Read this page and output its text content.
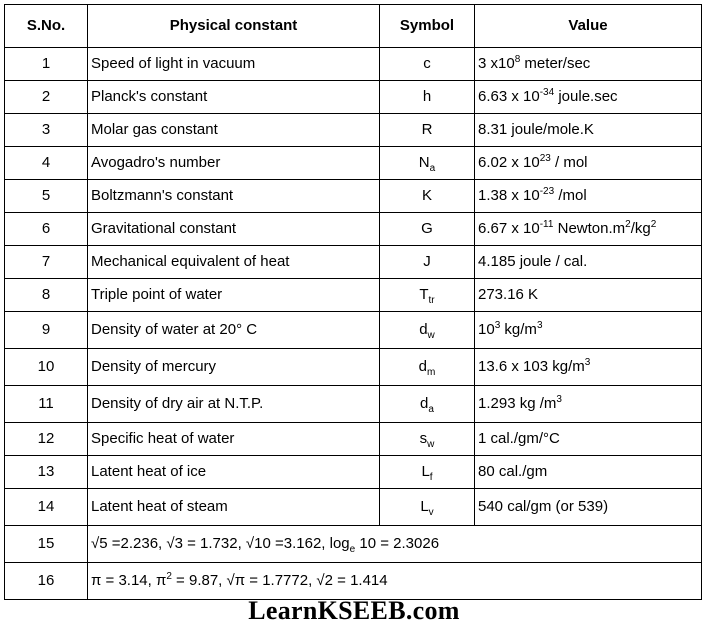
S.No.	Physical constant	Symbol	Value
1	Speed of light in vacuum	c	3 $x10^8$ meter/sec
2	Planck's constant	h	6.63 x $10^{-34}$ joule.sec
3	Molar gas constant	R	8.31 joule/mole.K
4	Avogadro's number	$N_a$	6.02 x $10^{23}$ / mol
5	Boltzmann's constant	K	1.38 x $10^{-23}$ /mol
6	Gravitational constant	G	6.67 x $10^{-11}$ $Newton.m^2/kg^2$
7	Mechanical equivalent of heat	J	4.185 joule / cal.
8	Triple point of water	$T_{tr}$	273.16 K
9	Density of water at 20° C	$d_w$	$10^3$ $kg/m^3$
10	Density of mercury	$d_m$	13.6 x 103 $kg/m^3$
11	Density of dry air at N.T.P.	$d_a$	1.293 kg $/m^3$
12	Specific heat of water	$s_w$	1 cal./gm/°C
13	Latent heat of ice	$L_f$	80 cal./gm
14	Latent heat of steam	$L_v$	540 cal/gm (or 539)
15	√5 =2.236, √3 = 1.732, √10 =3.162, $\log_e 10 = 2.3026$		
16	π = 3.14, $\pi^2 = 9.87$, √π = 1.7772, √2 = 1.414		
LearnKSEEB.com
